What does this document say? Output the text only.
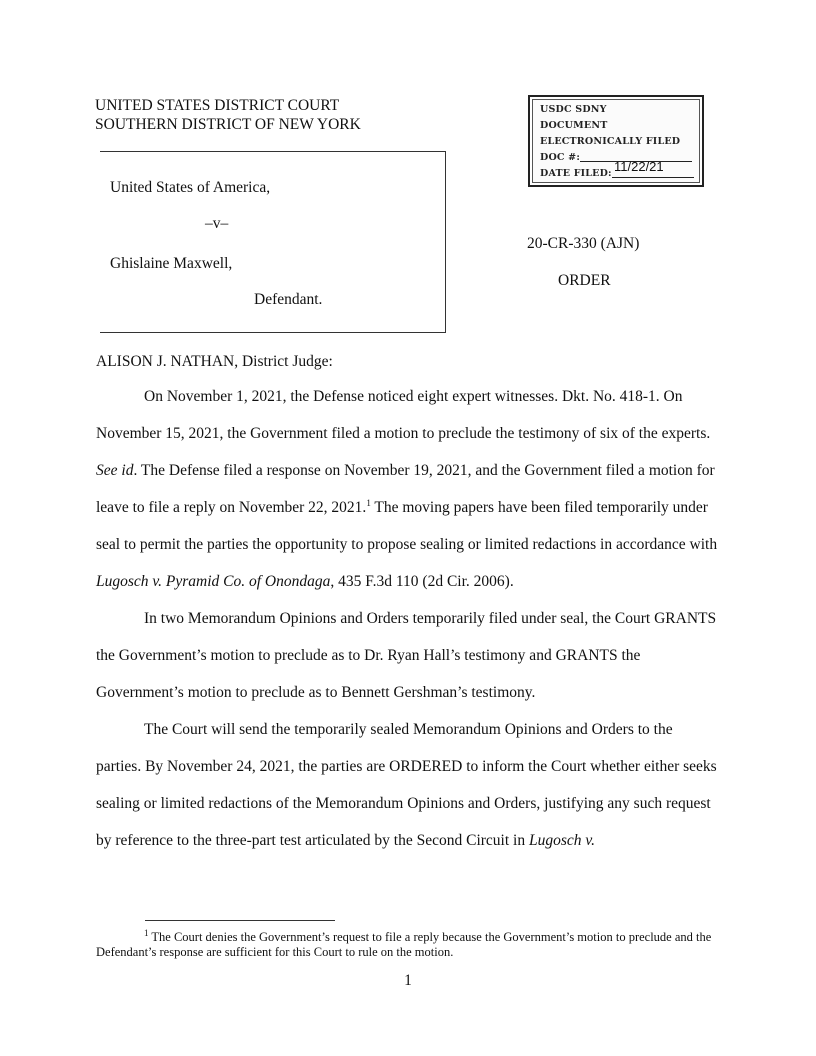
UNITED STATES DISTRICT COURT
SOUTHERN DISTRICT OF NEW YORK
USDC SDNY
DOCUMENT
ELECTRONICALLY FILED
DOC #:
DATE FILED: 11/22/21
United States of America,
–v–
Ghislaine Maxwell,
Defendant.
20-CR-330 (AJN)
ORDER
ALISON J. NATHAN, District Judge:

On November 1, 2021, the Defense noticed eight expert witnesses. Dkt. No. 418-1. On November 15, 2021, the Government filed a motion to preclude the testimony of six of the experts. See id. The Defense filed a response on November 19, 2021, and the Government filed a motion for leave to file a reply on November 22, 2021.$^1$ The moving papers have been filed temporarily under seal to permit the parties the opportunity to propose sealing or limited redactions in accordance with Lugosch v. Pyramid Co. of Onondaga, 435 F.3d 110 (2d Cir. 2006).

In two Memorandum Opinions and Orders temporarily filed under seal, the Court GRANTS the Government’s motion to preclude as to Dr. Ryan Hall’s testimony and GRANTS the Government’s motion to preclude as to Bennett Gershman’s testimony.

The Court will send the temporarily sealed Memorandum Opinions and Orders to the parties. By November 24, 2021, the parties are ORDERED to inform the Court whether either seeks sealing or limited redactions of the Memorandum Opinions and Orders, justifying any such request by reference to the three-part test articulated by the Second Circuit in Lugosch v.

$^1$ The Court denies the Government’s request to file a reply because the Government’s motion to preclude and the Defendant’s response are sufficient for this Court to rule on the motion.
1
